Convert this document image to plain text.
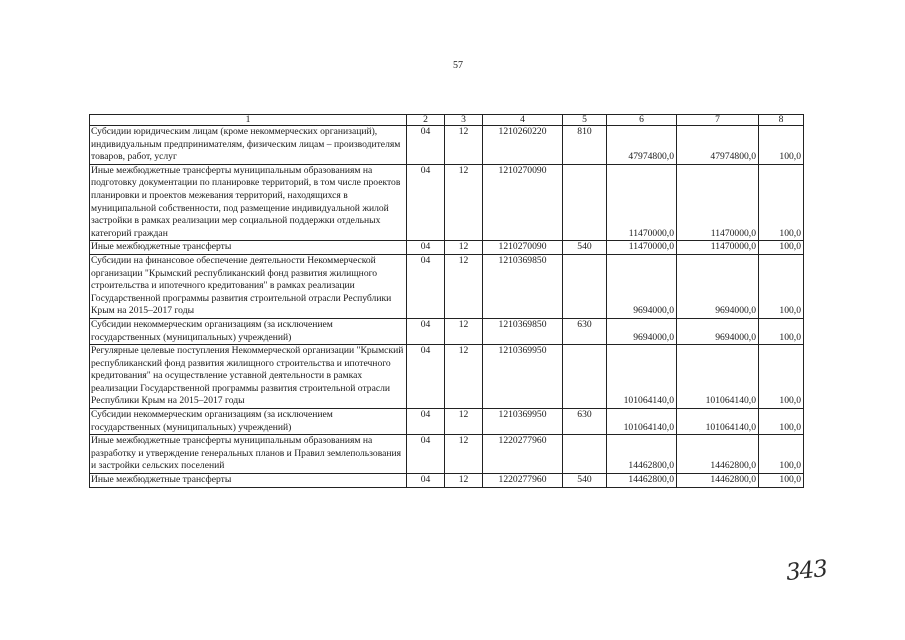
57
1	2	3	4	5	6	7	8
Субсидии юридическим лицам (кроме некоммерческих организаций), индивидуальным предпринимателям, физическим лицам – производителям товаров, работ, услуг	04	12	1210260220	810	47974800,0	47974800,0	100,0
Иные межбюджетные трансферты муниципальным образованиям на подготовку документации по планировке территорий, в том числе проектов планировки и проектов межевания территорий, находящихся в муниципальной собственности, под размещение индивидуальной жилой застройки в рамках реализации мер социальной поддержки отдельных категорий граждан	04	12	1210270090		11470000,0	11470000,0	100,0
Иные межбюджетные трансферты	04	12	1210270090	540	11470000,0	11470000,0	100,0
Субсидии на финансовое обеспечение деятельности Некоммерческой организации "Крымский республиканский фонд развития жилищного строительства и ипотечного кредитования" в рамках реализации Государственной программы развития строительной отрасли Республики Крым на 2015–2017 годы	04	12	1210369850		9694000,0	9694000,0	100,0
Субсидии некоммерческим организациям (за исключением государственных (муниципальных) учреждений)	04	12	1210369850	630	9694000,0	9694000,0	100,0
Регулярные целевые поступления Некоммерческой организации "Крымский республиканский фонд развития жилищного строительства и ипотечного кредитования" на осуществление уставной деятельности в рамках реализации Государственной программы развития строительной отрасли Республики Крым на 2015–2017 годы	04	12	1210369950		101064140,0	101064140,0	100,0
Субсидии некоммерческим организациям (за исключением государственных (муниципальных) учреждений)	04	12	1210369950	630	101064140,0	101064140,0	100,0
Иные межбюджетные трансферты муниципальным образованиям на разработку и утверждение генеральных планов и Правил землепользования и застройки сельских поселений	04	12	1220277960		14462800,0	14462800,0	100,0
Иные межбюджетные трансферты	04	12	1220277960	540	14462800,0	14462800,0	100,0
343
